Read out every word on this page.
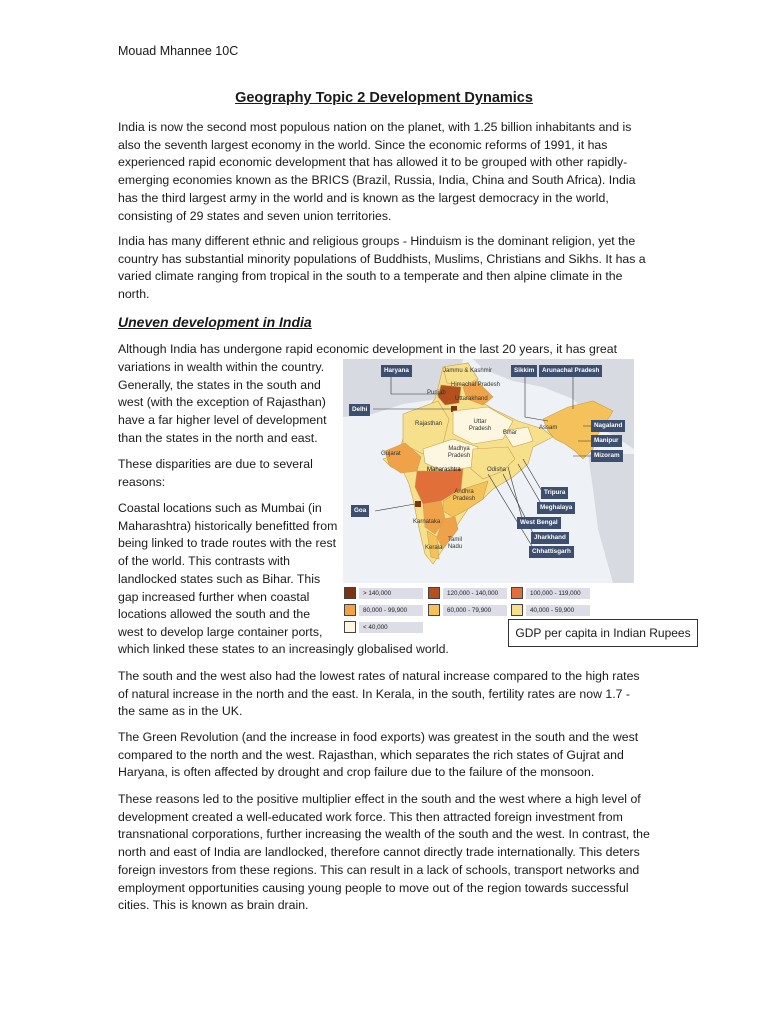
Mouad Mhannee 10C
Geography Topic 2 Development Dynamics

India is now the second most populous nation on the planet, with 1.25 billion inhabitants and is also the seventh largest economy in the world. Since the economic reforms of 1991, it has experienced rapid economic development that has allowed it to be grouped with other rapidly-emerging economies known as the BRICS (Brazil, Russia, India, China and South Africa). India has the third largest army in the world and is known as the largest democracy in the world, consisting of 29 states and seven union territories.

India has many different ethnic and religious groups - Hinduism is the dominant religion, yet the country has substantial minority populations of Buddhists, Muslims, Christians and Sikhs. It has a varied climate ranging from tropical in the south to a temperate and then alpine climate in the north.

Uneven development in India

Although India has undergone rapid economic development in the last 20 years, it has great

variations in wealth within the country. Generally, the states in the south and west (with the exception of Rajasthan) have a far higher level of development than the states in the north and east.

These disparities are due to several reasons:

Coastal locations such as Mumbai (in Maharashtra) historically benefitted from being linked to trade routes with the rest of the world. This contrasts with landlocked states such as Bihar. This gap increased further when coastal locations allowed the south and the west to develop large container ports,

which linked these states to an increasingly globalised world.

Haryana	Sikkim	Arunachal Pradesh
Delhi
Nagaland
Manipur
Mizoram
Tripura
Meghalaya
West Bengal
Jharkhand
Chhattisgarh
Goa
Jammu & Kashmir
Himachal Pradesh
Punjab
Uttarakhand
Rajasthan	Uttar Pradesh
Bihar
Assam
Gujarat
Madhya Pradesh
Maharashtra	Odisha
Andhra Pradesh
Karnataka
Tamil Nadu
Kerala
> 140,000	120,000 - 140,000	100,000 - 119,000
80,000 - 99,900	60,000 - 79,900	40,000 - 59,900
< 40,000	GDP per capita in Indian Rupees

The south and the west also had the lowest rates of natural increase compared to the high rates of natural increase in the north and the east. In Kerala, in the south, fertility rates are now 1.7 - the same as in the UK.

The Green Revolution (and the increase in food exports) was greatest in the south and the west compared to the north and the west. Rajasthan, which separates the rich states of Gujrat and Haryana, is often affected by drought and crop failure due to the failure of the monsoon.

These reasons led to the positive multiplier effect in the south and the west where a high level of development created a well-educated work force. This then attracted foreign investment from transnational corporations, further increasing the wealth of the south and the west. In contrast, the north and east of India are landlocked, therefore cannot directly trade internationally. This deters foreign investors from these regions. This can result in a lack of schools, transport networks and employment opportunities causing young people to move out of the region towards successful cities. This is known as brain drain.
